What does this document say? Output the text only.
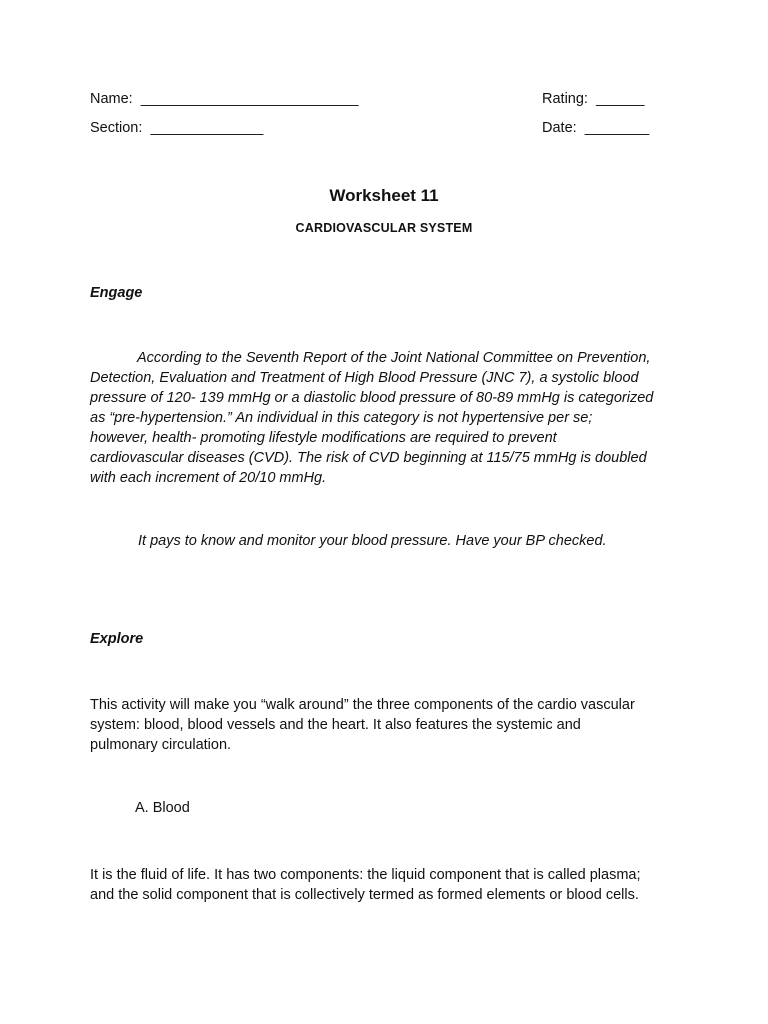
Name: ___________________________	Rating: ______
Section: ______________	Date: ________
Worksheet 11
CARDIOVASCULAR SYSTEM
Engage
According to the Seventh Report of the Joint National Committee on Prevention,
Detection, Evaluation and Treatment of High Blood Pressure (JNC 7), a systolic blood
pressure of 120- 139 mmHg or a diastolic blood pressure of 80-89 mmHg is categorized
as “pre-hypertension.” An individual in this category is not hypertensive per se;
however, health- promoting lifestyle modifications are required to prevent
cardiovascular diseases (CVD). The risk of CVD beginning at 115/75 mmHg is doubled
with each increment of 20/10 mmHg.
It pays to know and monitor your blood pressure. Have your BP checked.
Explore
This activity will make you “walk around” the three components of the cardio vascular
system: blood, blood vessels and the heart. It also features the systemic and
pulmonary circulation.
A. Blood
It is the fluid of life. It has two components: the liquid component that is called plasma;
and the solid component that is collectively termed as formed elements or blood cells.
